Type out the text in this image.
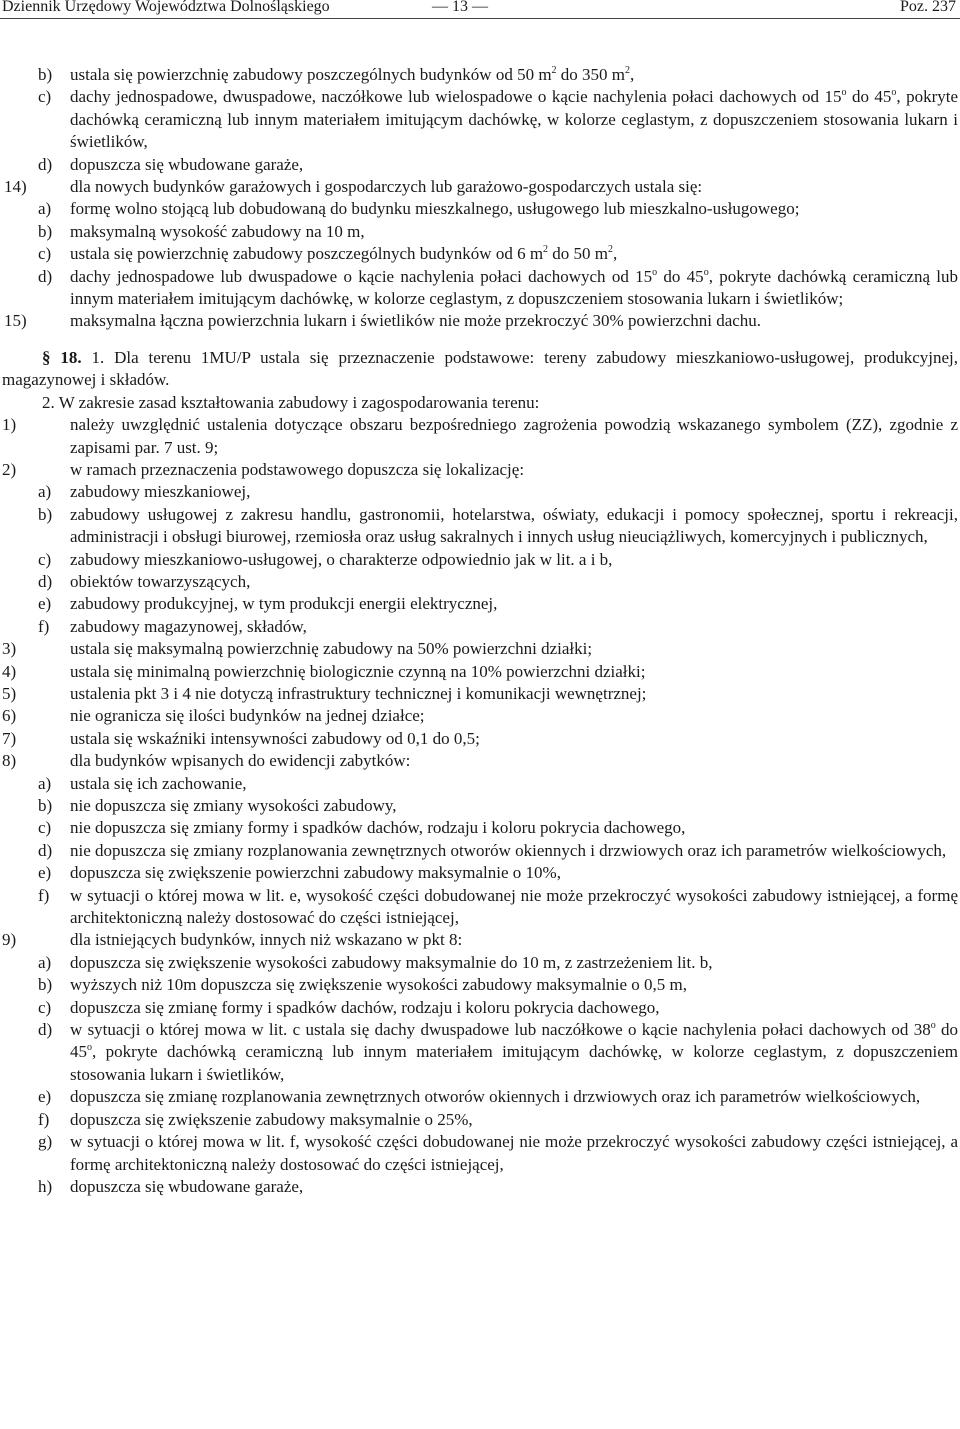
Dziennik Urzędowy Województwa Dolnośląskiego	— 13 —	Poz. 237
b) ustala się powierzchnię zabudowy poszczególnych budynków od 50 $m^2$ do 350 $m^2$,
c) dachy jednospadowe, dwuspadowe, naczółkowe lub wielospadowe o kącie nachylenia połaci dachowych od 15$^o$ do 45$^o$, pokryte dachówką ceramiczną lub innym materiałem imitującym dachówkę, w kolorze ceglastym, z dopuszczeniem stosowania lukarn i świetlików,
d) dopuszcza się wbudowane garaże,
14)	dla nowych budynków garażowych i gospodarczych lub garażowo-gospodarczych ustala się:
a) formę wolno stojącą lub dobudowaną do budynku mieszkalnego, usługowego lub mieszkalno-usługowego;
b) maksymalną wysokość zabudowy na 10 m,
c) ustala się powierzchnię zabudowy poszczególnych budynków od 6 $m^2$ do 50 $m^2$,
d) dachy jednospadowe lub dwuspadowe o kącie nachylenia połaci dachowych od 15$^o$ do 45$^o$, pokryte dachówką ceramiczną lub innym materiałem imitującym dachówkę, w kolorze ceglastym, z dopuszczeniem stosowania lukarn i świetlików;
15)	maksymalna łączna powierzchnia lukarn i świetlików nie może przekroczyć 30% powierzchni dachu.
§ 18. 1. Dla terenu 1MU/P ustala się przeznaczenie podstawowe: tereny zabudowy mieszkaniowo-usługowej, produkcyjnej, magazynowej i składów.
2. W zakresie zasad kształtowania zabudowy i zagospodarowania terenu:
1)	należy uwzględnić ustalenia dotyczące obszaru bezpośredniego zagrożenia powodzią wskazanego symbolem (ZZ), zgodnie z zapisami par. 7 ust. 9;
2)	w ramach przeznaczenia podstawowego dopuszcza się lokalizację:
a) zabudowy mieszkaniowej,
b) zabudowy usługowej z zakresu handlu, gastronomii, hotelarstwa, oświaty, edukacji i pomocy społecznej, sportu i rekreacji, administracji i obsługi biurowej, rzemiosła oraz usług sakralnych i innych usług nieuciążliwych, komercyjnych i publicznych,
c) zabudowy mieszkaniowo-usługowej, o charakterze odpowiednio jak w lit. a i b,
d) obiektów towarzyszących,
e) zabudowy produkcyjnej, w tym produkcji energii elektrycznej,
f) zabudowy magazynowej, składów,
3)	ustala się maksymalną powierzchnię zabudowy na 50% powierzchni działki;
4)	ustala się minimalną powierzchnię biologicznie czynną na 10% powierzchni działki;
5)	ustalenia pkt 3 i 4 nie dotyczą infrastruktury technicznej i komunikacji wewnętrznej;
6)	nie ogranicza się ilości budynków na jednej działce;
7)	ustala się wskaźniki intensywności zabudowy od 0,1 do 0,5;
8)	dla budynków wpisanych do ewidencji zabytków:
a) ustala się ich zachowanie,
b) nie dopuszcza się zmiany wysokości zabudowy,
c) nie dopuszcza się zmiany formy i spadków dachów, rodzaju i koloru pokrycia dachowego,
d) nie dopuszcza się zmiany rozplanowania zewnętrznych otworów okiennych i drzwiowych oraz ich parametrów wielkościowych,
e) dopuszcza się zwiększenie powierzchni zabudowy maksymalnie o 10%,
f) w sytuacji o której mowa w lit. e, wysokość części dobudowanej nie może przekroczyć wysokości zabudowy istniejącej, a formę architektoniczną należy dostosować do części istniejącej,
9)	dla istniejących budynków, innych niż wskazano w pkt 8:
a) dopuszcza się zwiększenie wysokości zabudowy maksymalnie do 10 m, z zastrzeżeniem lit. b,
b) wyższych niż 10m dopuszcza się zwiększenie wysokości zabudowy maksymalnie o 0,5 m,
c) dopuszcza się zmianę formy i spadków dachów, rodzaju i koloru pokrycia dachowego,
d) w sytuacji o której mowa w lit. c ustala się dachy dwuspadowe lub naczółkowe o kącie nachylenia połaci dachowych od 38$^o$ do 45$^o$, pokryte dachówką ceramiczną lub innym materiałem imitującym dachówkę, w kolorze ceglastym, z dopuszczeniem stosowania lukarn i świetlików,
e) dopuszcza się zmianę rozplanowania zewnętrznych otworów okiennych i drzwiowych oraz ich parametrów wielkościowych,
f) dopuszcza się zwiększenie zabudowy maksymalnie o 25%,
g) w sytuacji o której mowa w lit. f, wysokość części dobudowanej nie może przekroczyć wysokości zabudowy części istniejącej, a formę architektoniczną należy dostosować do części istniejącej,
h) dopuszcza się wbudowane garaże,
